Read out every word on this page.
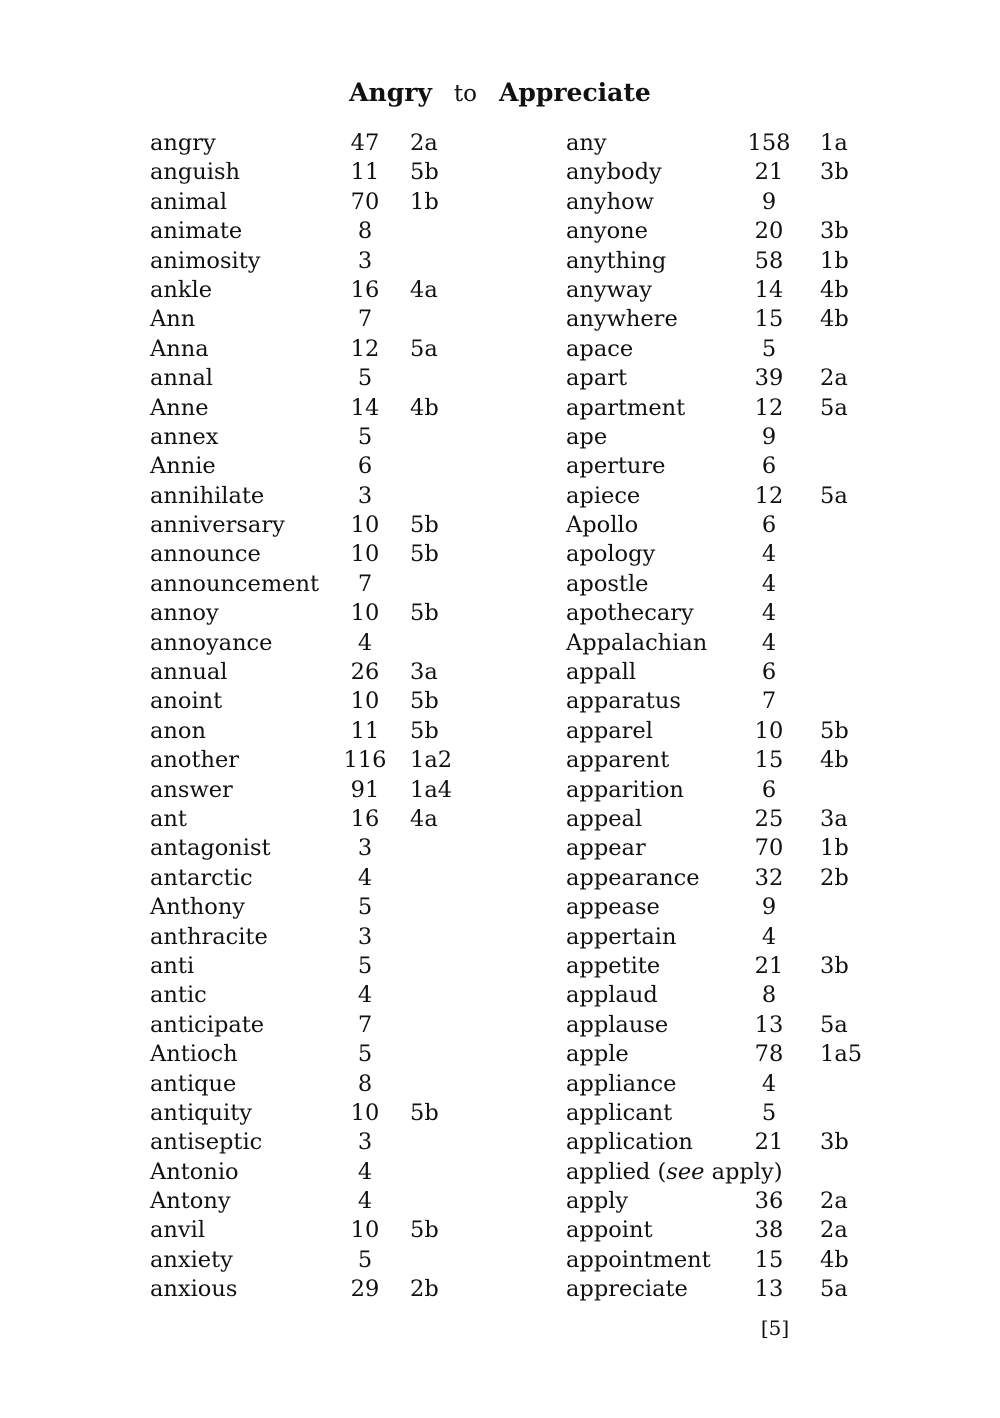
Angry to Appreciate
angry	47	2a
anguish	11	5b
animal	70	1b
animate	8
animosity	3
ankle	16	4a
Ann	7
Anna	12	5a
annal	5
Anne	14	4b
annex	5
Annie	6
annihilate	3
anniversary	10	5b
announce	10	5b
announcement	7
annoy	10	5b
annoyance	4
annual	26	3a
anoint	10	5b
anon	11	5b
another	116 1a2
answer	91	1a4
ant	16	4a
antagonist	3
antarctic	4
Anthony	5
anthracite	3
anti	5
antic	4
anticipate	7
Antioch	5
antique	8
antiquity	10	5b
antiseptic	3
Antonio	4
Antony	4
anvil	10	5b
anxiety	5
anxious	29	2b
any	158 1a
anybody	21	3b
anyhow	9
anyone	20	3b
anything	58	1b
anyway	14	4b
anywhere	15	4b
apace	5
apart	39	2a
apartment	12	5a
ape	9
aperture	6
apiece	12	5a
Apollo	6
apology	4
apostle	4
apothecary	4
Appalachian	4
appall	6
apparatus	7
apparel	10	5b
apparent	15	4b
apparition	6
appeal	25	3a
appear	70	1b
appearance	32	2b
appease	9
appertain	4
appetite	21	3b
applaud	8
applause	13	5a
apple	78	1a5
appliance	4
applicant	5
application	21	3b
applied (see apply)
apply	36	2a
appoint	38	2a
appointment	15	4b
appreciate	13	5a
[5]
